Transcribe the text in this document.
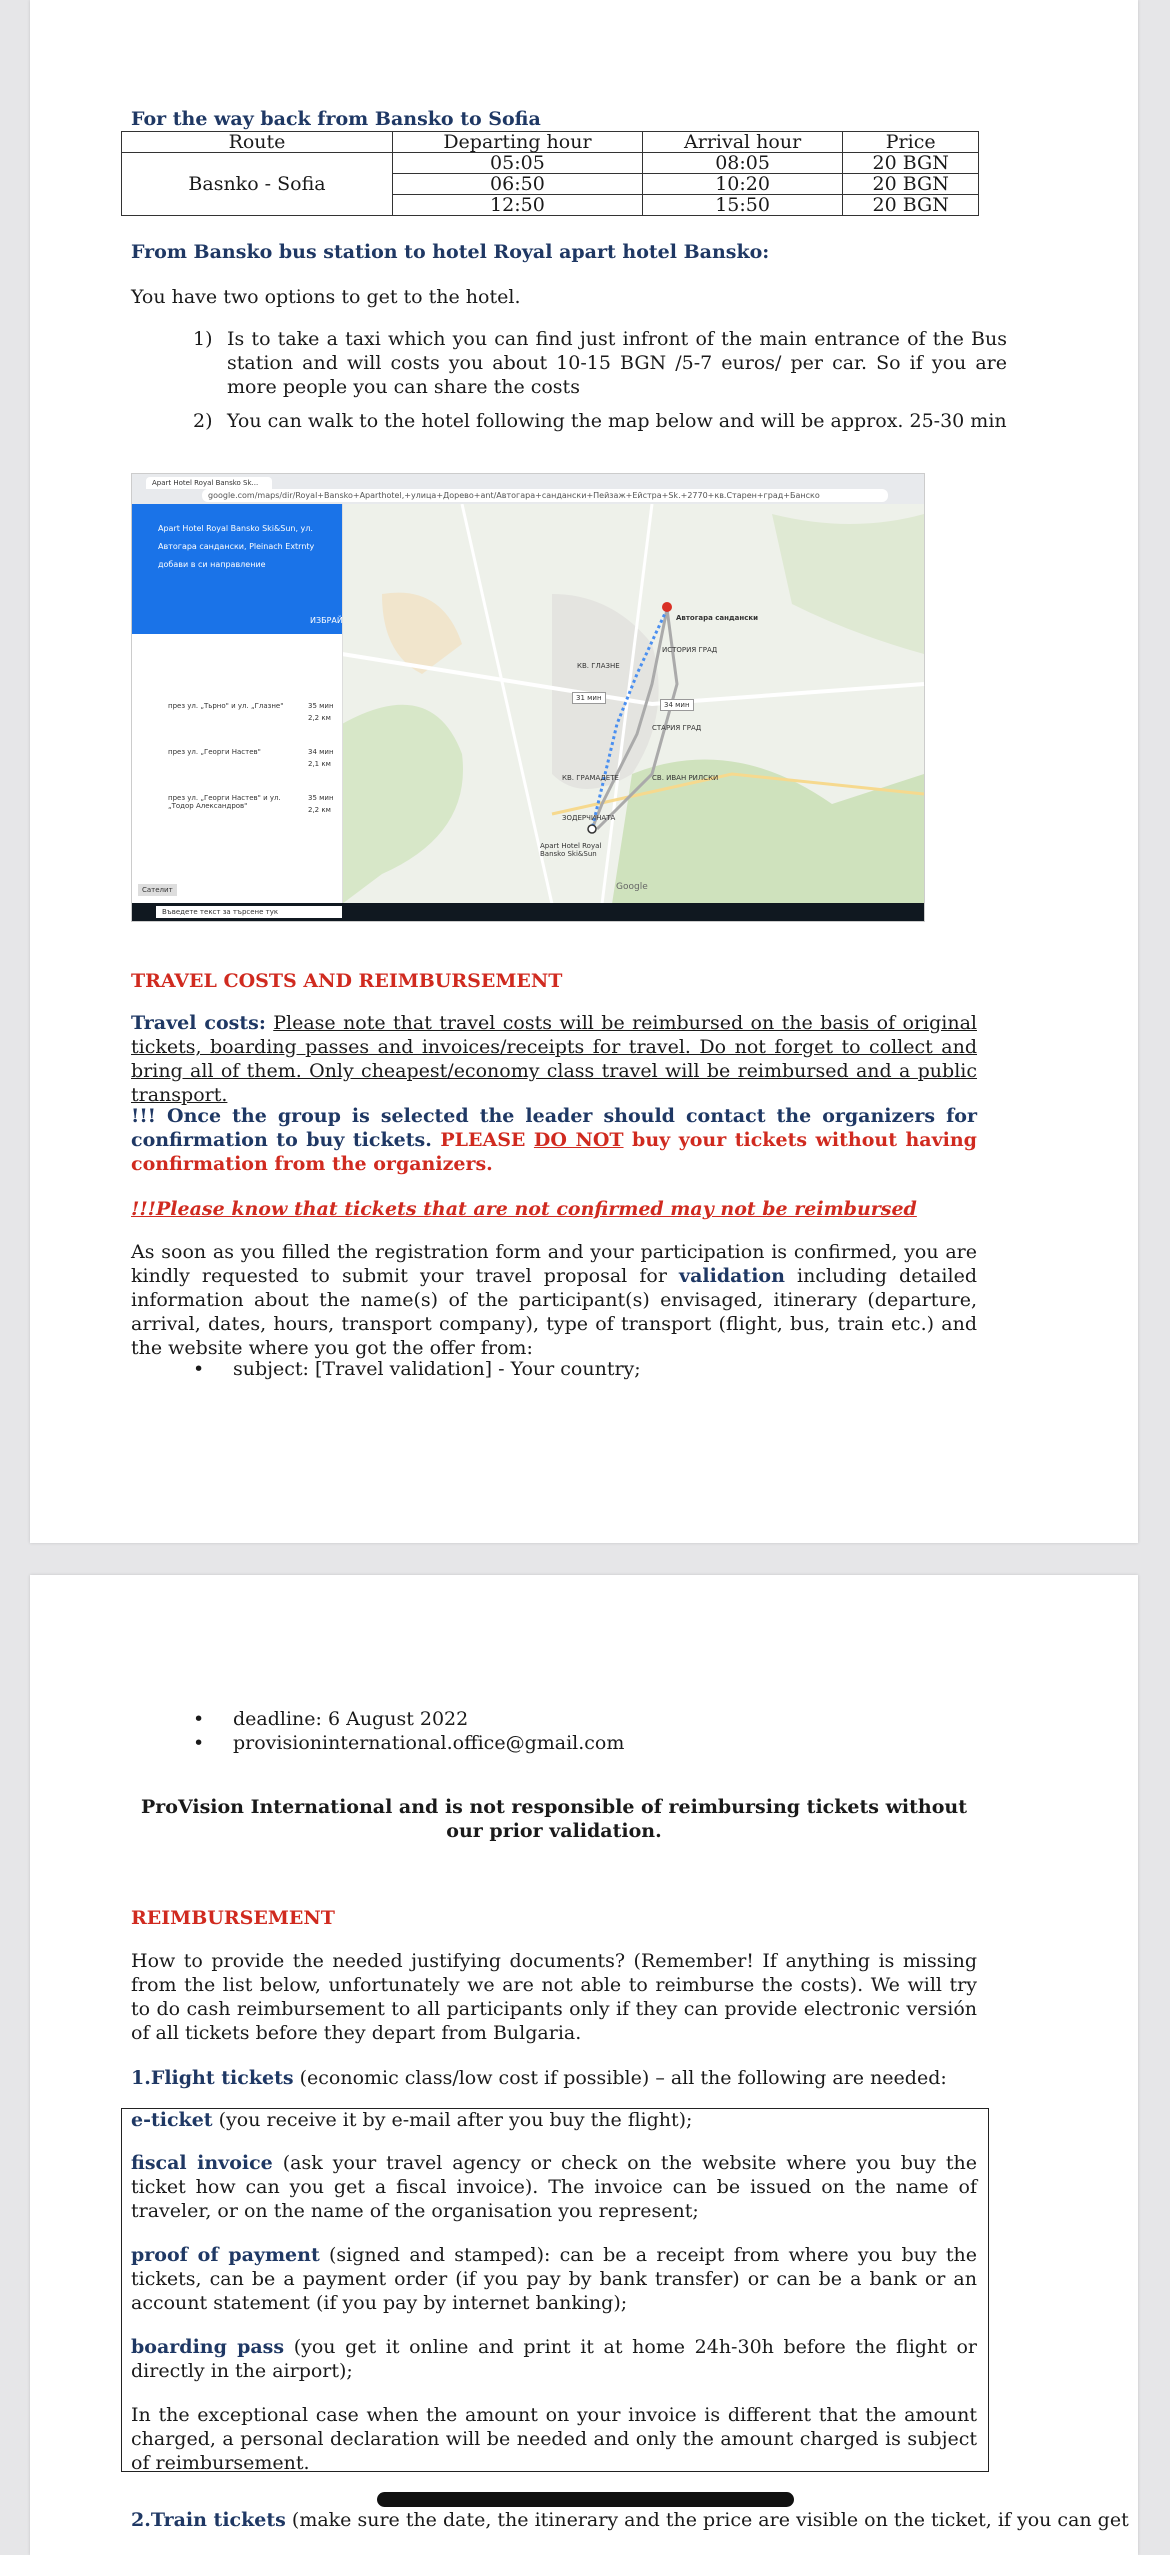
For the way back from Bansko to Sofia

Route	Departing hour	Arrival hour	Price
Basnko - Sofia	05:05	08:05	20 BGN
	06:50	10:20	20 BGN
	12:50	15:50	20 BGN

From Bansko bus station to hotel Royal apart hotel Bansko:

You have two options to get to the hotel.

1) Is to take a taxi which you can find just infront of the main entrance of the Bus station and will costs you about 10-15 BGN /5-7 euros/ per car. So if you are more people you can share the costs

2) You can walk to the hotel following the map below and will be approx. 25-30 min

Apart Hotel Royal Bansko Sk...
google.com/maps/dir/Royal+Bansko+Aparthotel,+улица+Дорево+ant/Автогара+сандански+Пейзаж+Ейстра+Sk.+2770+кв.Старен+град+Банско
Apart Hotel Royal Bansko Ski&Sun, ул.
Автогара сандански, Pleinach Extrnty
добави в си направление
ИЗБРАЙ
през ул. „Тьрно" и ул. „Глазне"	35 мин
2,2 км
през ул. „Георги Настев"	34 мин
2,1 км
през ул. „Георги Настев" и ул. „Тодор Александров"
35 мин
2,2 км
Сателит
Автогара сандански
Apart Hotel Royal Bansko Ski&Sun
31 мин
34 мин
КВ. ГЛАЗНЕ
ИСТОРИЯ ГРАД
СТАРИЯ ГРАД
КВ. ГРАМАДЕТЕ	СВ. ИВАН РИЛСКИ
ЗОДЕРЧИНАТА
Google
Въведете текст за търсене тук

TRAVEL COSTS AND REIMBURSEMENT

Travel costs: Please note that travel costs will be reimbursed on the basis of original tickets, boarding passes and invoices/receipts for travel. Do not forget to collect and bring all of them. Only cheapest/economy class travel will be reimbursed and a public transport.

!!! Once the group is selected the leader should contact the organizers for confirmation to buy tickets. PLEASE DO NOT buy your tickets without having confirmation from the organizers.

!!!Please know that tickets that are not confirmed may not be reimbursed

As soon as you filled the registration form and your participation is confirmed, you are kindly requested to submit your travel proposal for validation including detailed information about the name(s) of the participant(s) envisaged, itinerary (departure, arrival, dates, hours, transport company), type of transport (flight, bus, train etc.) and the website where you got the offer from:

• subject: [Travel validation] - Your country;

• deadline: 6 August 2022

• provisioninternational.office@gmail.com

ProVision International and is not responsible of reimbursing tickets without our prior validation.

REIMBURSEMENT

How to provide the needed justifying documents? (Remember! If anything is missing from the list below, unfortunately we are not able to reimburse the costs). We will try to do cash reimbursement to all participants only if they can provide electronic versión of all tickets before they depart from Bulgaria.

1.Flight tickets (economic class/low cost if possible) – all the following are needed:

e-ticket (you receive it by e-mail after you buy the flight);

fiscal invoice (ask your travel agency or check on the website where you buy the ticket how can you get a fiscal invoice). The invoice can be issued on the name of traveler, or on the name of the organisation you represent;

proof of payment (signed and stamped): can be a receipt from where you buy the tickets, can be a payment order (if you pay by bank transfer) or can be a bank or an account statement (if you pay by internet banking);

boarding pass (you get it online and print it at home 24h-30h before the flight or directly in the airport);

In the exceptional case when the amount on your invoice is different that the amount charged, a personal declaration will be needed and only the amount charged is subject of reimbursement.

2.Train tickets (make sure the date, the itinerary and the price are visible on the ticket, if you can get
